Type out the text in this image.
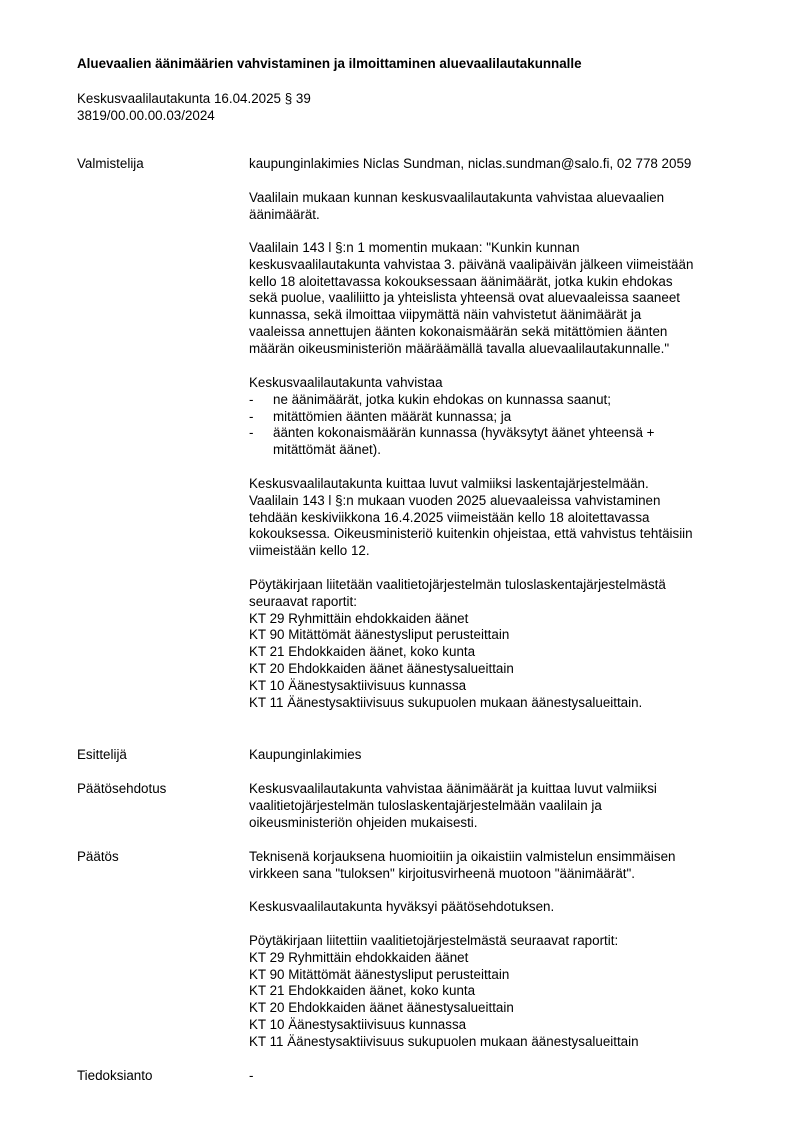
Aluevaalien äänimäärien vahvistaminen ja ilmoittaminen aluevaalilautakunnalle
Keskusvaalilautakunta 16.04.2025 § 39
3819/00.00.00.03/2024
Valmistelija	kaupunginlakimies Niclas Sundman, niclas.sundman@salo.fi, 02 778 2059
Vaalilain mukaan kunnan keskusvaalilautakunta vahvistaa aluevaalien
äänimäärät.
Vaalilain 143 l §:n 1 momentin mukaan: "Kunkin kunnan
keskusvaalilautakunta vahvistaa 3. päivänä vaalipäivän jälkeen viimeistään
kello 18 aloitettavassa kokouksessaan äänimäärät, jotka kukin ehdokas
sekä puolue, vaaliliitto ja yhteislista yhteensä ovat aluevaaleissa saaneet
kunnassa, sekä ilmoittaa viipymättä näin vahvistetut äänimäärät ja
vaaleissa annettujen äänten kokonaismäärän sekä mitättömien äänten
määrän oikeusministeriön määräämällä tavalla aluevaalilautakunnalle."
Keskusvaalilautakunta vahvistaa
- ne äänimäärät, jotka kukin ehdokas on kunnassa saanut;
- mitättömien äänten määrät kunnassa; ja
- äänten kokonaismäärän kunnassa (hyväksytyt äänet yhteensä +
mitättömät äänet).
Keskusvaalilautakunta kuittaa luvut valmiiksi laskentajärjestelmään.
Vaalilain 143 l §:n mukaan vuoden 2025 aluevaaleissa vahvistaminen
tehdään keskiviikkona 16.4.2025 viimeistään kello 18 aloitettavassa
kokouksessa. Oikeusministeriö kuitenkin ohjeistaa, että vahvistus tehtäisiin
viimeistään kello 12.
Pöytäkirjaan liitetään vaalitietojärjestelmän tuloslaskentajärjestelmästä
seuraavat raportit:
KT 29 Ryhmittäin ehdokkaiden äänet
KT 90 Mitättömät äänestysliput perusteittain
KT 21 Ehdokkaiden äänet, koko kunta
KT 20 Ehdokkaiden äänet äänestysalueittain
KT 10 Äänestysaktiivisuus kunnassa
KT 11 Äänestysaktiivisuus sukupuolen mukaan äänestysalueittain.
Esittelijä	Kaupunginlakimies
Päätösehdotus	Keskusvaalilautakunta vahvistaa äänimäärät ja kuittaa luvut valmiiksi
vaalitietojärjestelmän tuloslaskentajärjestelmään vaalilain ja
oikeusministeriön ohjeiden mukaisesti.
Päätös	Teknisenä korjauksena huomioitiin ja oikaistiin valmistelun ensimmäisen
virkkeen sana "tuloksen" kirjoitusvirheenä muotoon "äänimäärät".
Keskusvaalilautakunta hyväksyi päätösehdotuksen.
Pöytäkirjaan liitettiin vaalitietojärjestelmästä seuraavat raportit:
KT 29 Ryhmittäin ehdokkaiden äänet
KT 90 Mitättömät äänestysliput perusteittain
KT 21 Ehdokkaiden äänet, koko kunta
KT 20 Ehdokkaiden äänet äänestysalueittain
KT 10 Äänestysaktiivisuus kunnassa
KT 11 Äänestysaktiivisuus sukupuolen mukaan äänestysalueittain
Tiedoksianto	-
